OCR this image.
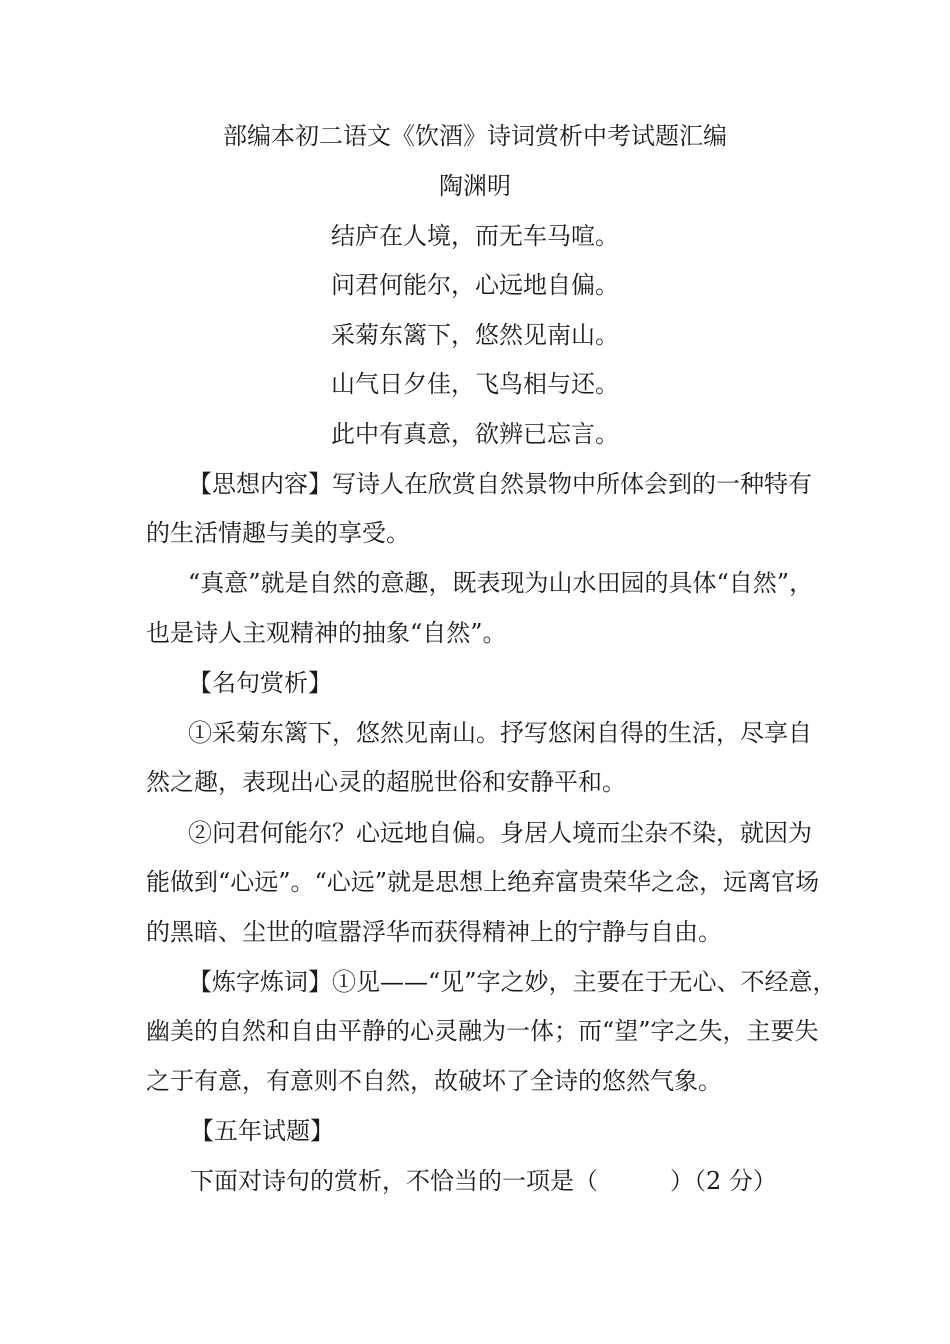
部编本初二语文《饮酒》诗词赏析中考试题汇编
陶渊明
结庐在人境，而无车马喧。
问君何能尔，心远地自偏。
采菊东篱下，悠然见南山。
山气日夕佳，飞鸟相与还。
此中有真意，欲辨已忘言。
【思想内容】写诗人在欣赏自然景物中所体会到的一种特有
的生活情趣与美的享受。
“真意”就是自然的意趣，既表现为山水田园的具体“自然”，
也是诗人主观精神的抽象“自然”。
【名句赏析】
①采菊东篱下，悠然见南山。抒写悠闲自得的生活，尽享自
然之趣，表现出心灵的超脱世俗和安静平和。
②问君何能尔？心远地自偏。身居人境而尘杂不染，就因为
能做到“心远”。“心远”就是思想上绝弃富贵荣华之念，远离官场
的黑暗、尘世的喧嚣浮华而获得精神上的宁静与自由。
【炼字炼词】①见——“见”字之妙，主要在于无心、不经意，
幽美的自然和自由平静的心灵融为一体；而“望”字之失，主要失
之于有意，有意则不自然，故破坏了全诗的悠然气象。
【五年试题】
下面对诗句的赏析，不恰当的一项是（　　　）（2 分）
